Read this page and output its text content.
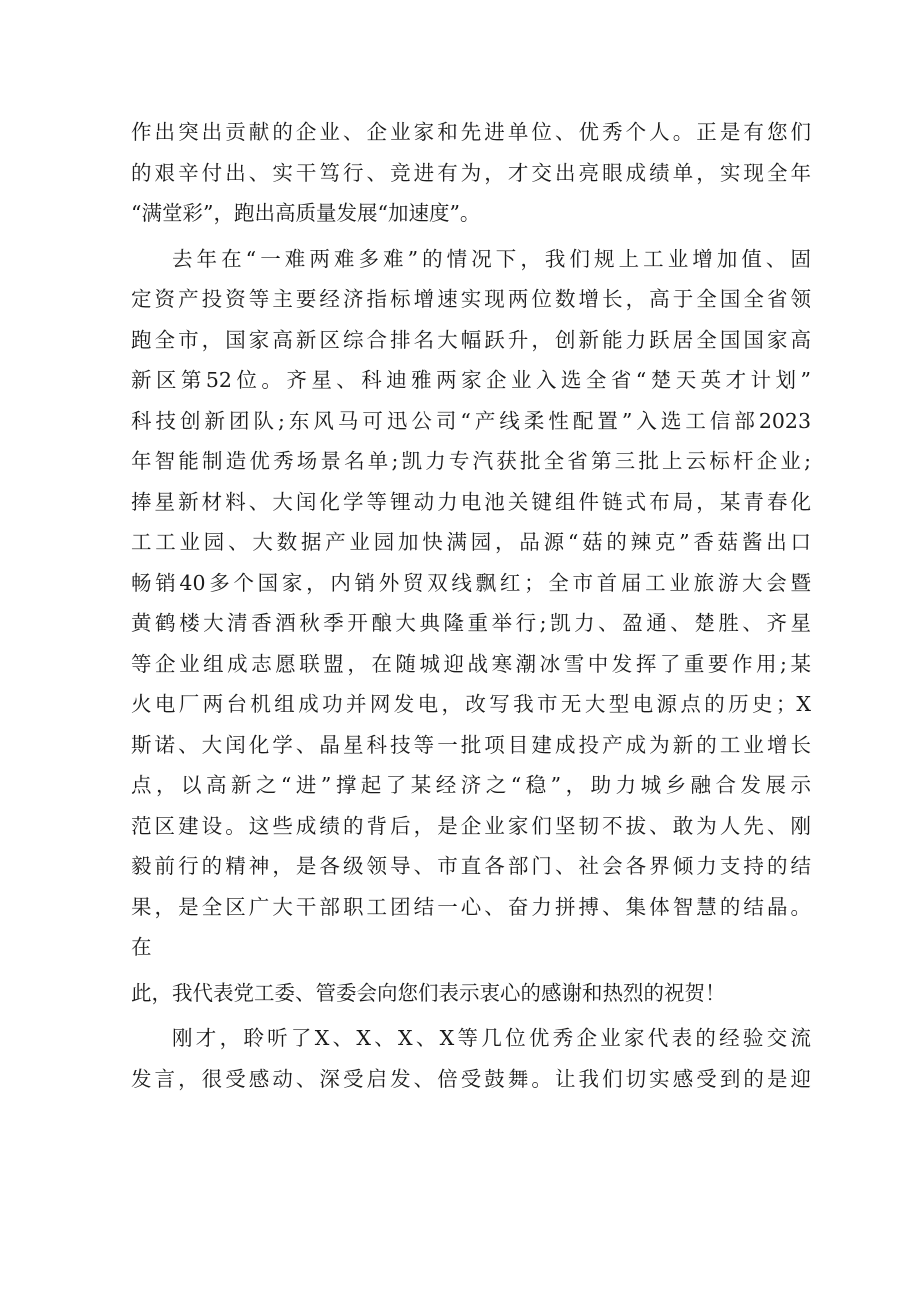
作出突出贡献的企业、企业家和先进单位、优秀个人。正是有您们
的艰辛付出、实干笃行、竞进有为，才交出亮眼成绩单，实现全年
“满堂彩”，跑出高质量发展“加速度”。
去年在“一难两难多难”的情况下，我们规上工业增加值、固
定资产投资等主要经济指标增速实现两位数增长，高于全国全省领
跑全市，国家高新区综合排名大幅跃升，创新能力跃居全国国家高
新区第52位。齐星、科迪雅两家企业入选全省“楚天英才计划”
科技创新团队;东风马可迅公司“产线柔性配置”入选工信部2023
年智能制造优秀场景名单;凯力专汽获批全省第三批上云标杆企业;
捧星新材料、大闰化学等锂动力电池关键组件链式布局，某青春化
工工业园、大数据产业园加快满园，品源“菇的辣克”香菇酱出口
畅销40多个国家，内销外贸双线飘红；全市首届工业旅游大会暨
黄鹤楼大清香酒秋季开酿大典隆重举行;凯力、盈通、楚胜、齐星
等企业组成志愿联盟，在随城迎战寒潮冰雪中发挥了重要作用;某
火电厂两台机组成功并网发电，改写我市无大型电源点的历史；X
斯诺、大闰化学、晶星科技等一批项目建成投产成为新的工业增长
点，以高新之“进”撑起了某经济之“稳”，助力城乡融合发展示
范区建设。这些成绩的背后，是企业家们坚韧不拔、敢为人先、刚
毅前行的精神，是各级领导、市直各部门、社会各界倾力支持的结
果，是全区广大干部职工团结一心、奋力拼搏、集体智慧的结晶。
在
此，我代表党工委、管委会向您们表示衷心的感谢和热烈的祝贺！
刚才，聆听了X、X、X、X等几位优秀企业家代表的经验交流
发言，很受感动、深受启发、倍受鼓舞。让我们切实感受到的是迎
